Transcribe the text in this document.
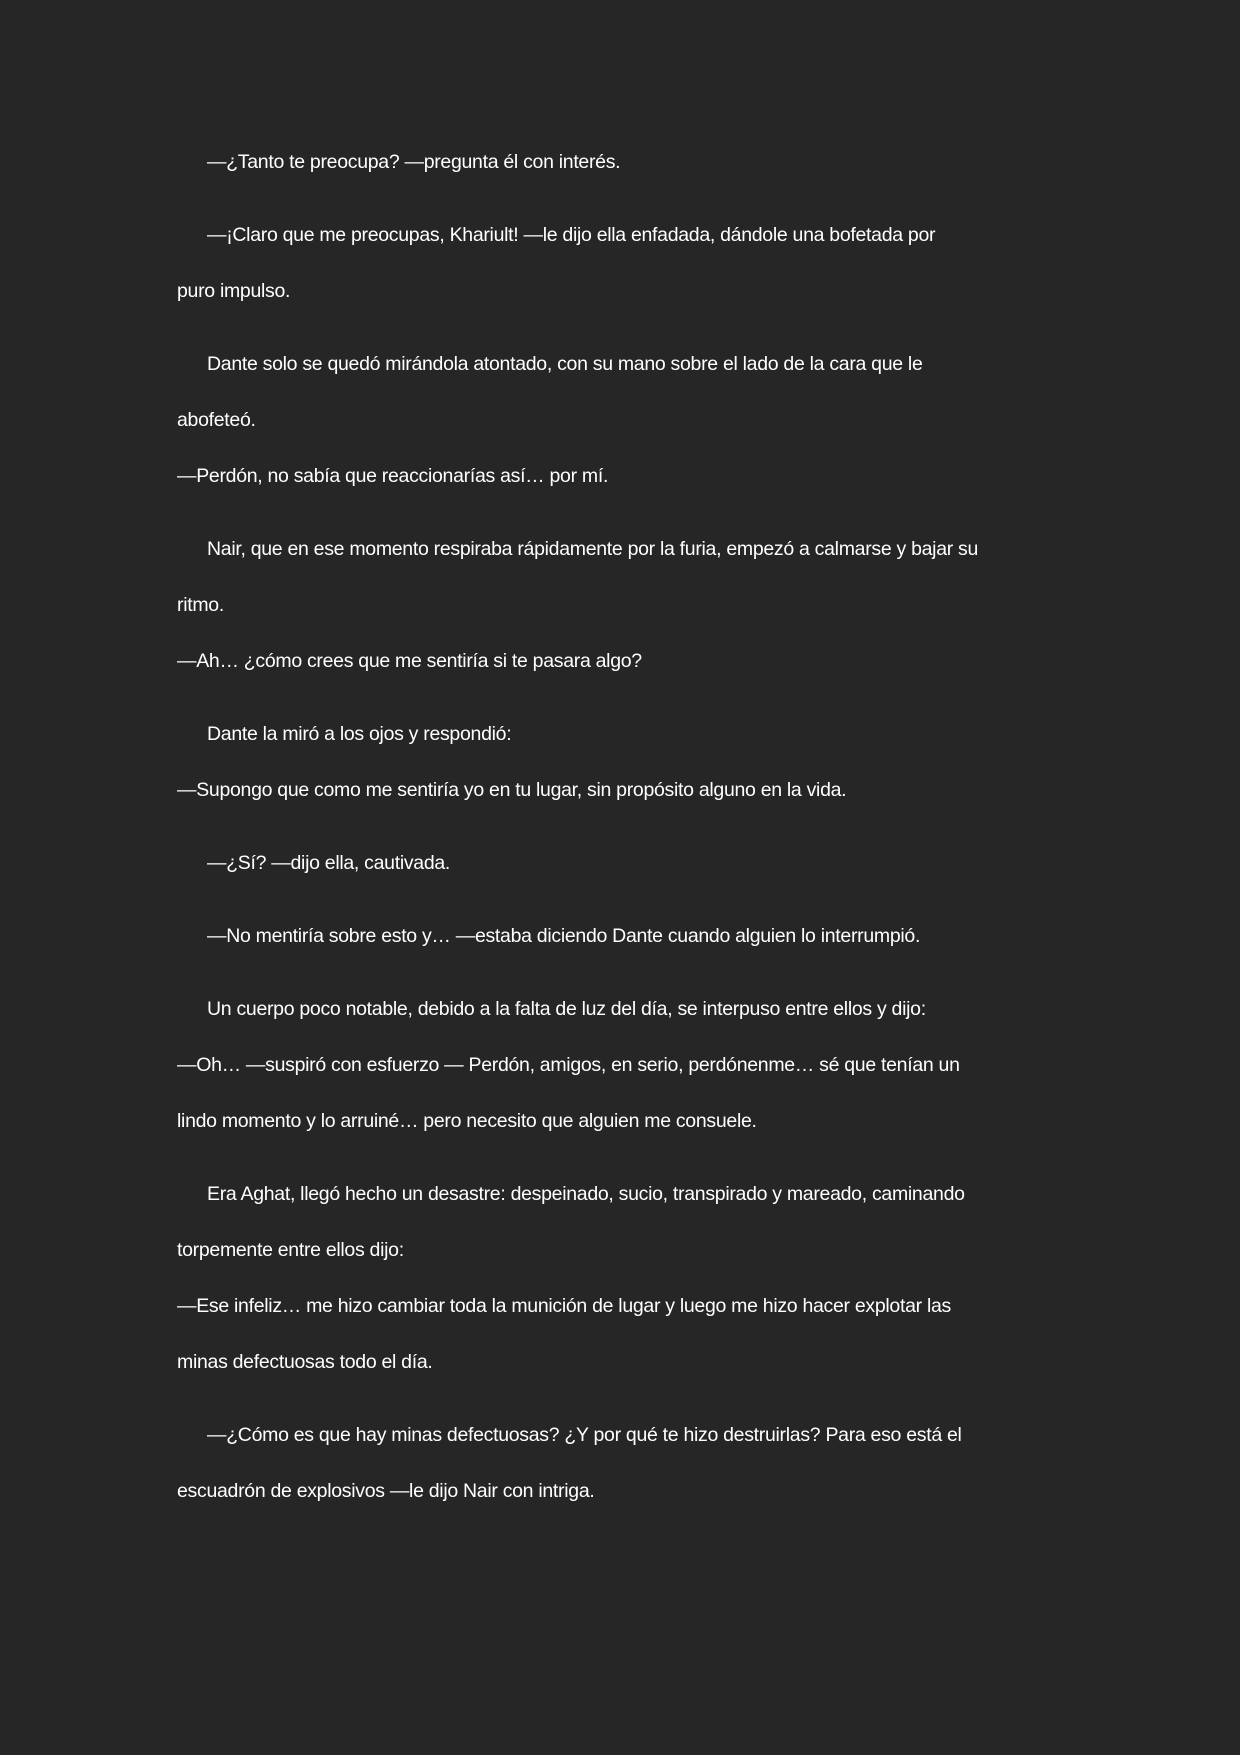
—¿Tanto te preocupa? —pregunta él con interés.
—¡Claro que me preocupas, Khariult! —le dijo ella enfadada, dándole una bofetada por
puro impulso.
Dante solo se quedó mirándola atontado, con su mano sobre el lado de la cara que le
abofeteó.
—Perdón, no sabía que reaccionarías así… por mí.
Nair, que en ese momento respiraba rápidamente por la furia, empezó a calmarse y bajar su
ritmo.
—Ah… ¿cómo crees que me sentiría si te pasara algo?
Dante la miró a los ojos y respondió:
—Supongo que como me sentiría yo en tu lugar, sin propósito alguno en la vida.
—¿Sí? —dijo ella, cautivada.
—No mentiría sobre esto y… —estaba diciendo Dante cuando alguien lo interrumpió.
Un cuerpo poco notable, debido a la falta de luz del día, se interpuso entre ellos y dijo:
—Oh… —suspiró con esfuerzo — Perdón, amigos, en serio, perdónenme… sé que tenían un
lindo momento y lo arruiné… pero necesito que alguien me consuele.
Era Aghat, llegó hecho un desastre: despeinado, sucio, transpirado y mareado, caminando
torpemente entre ellos dijo:
—Ese infeliz… me hizo cambiar toda la munición de lugar y luego me hizo hacer explotar las
minas defectuosas todo el día.
—¿Cómo es que hay minas defectuosas? ¿Y por qué te hizo destruirlas? Para eso está el
escuadrón de explosivos —le dijo Nair con intriga.
